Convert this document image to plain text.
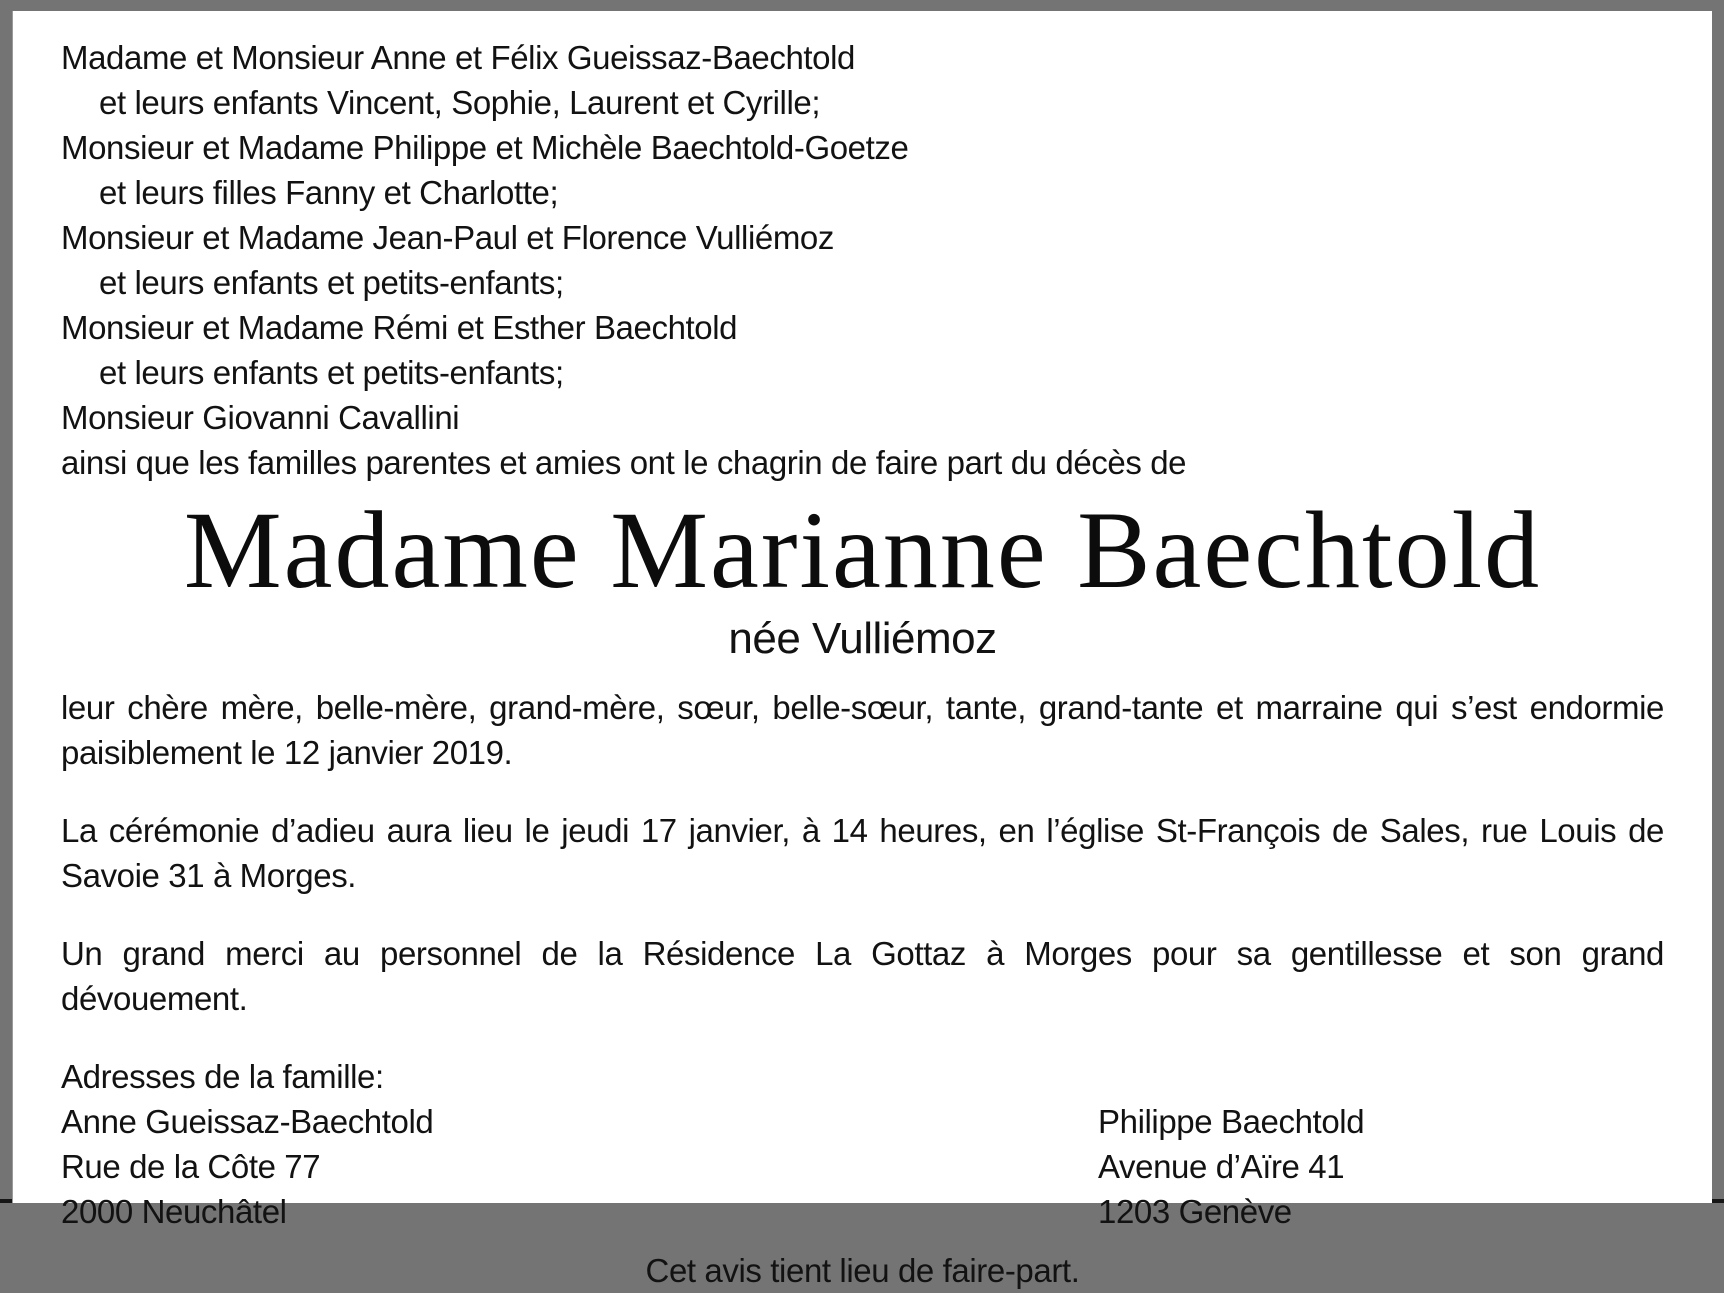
Madame et Monsieur Anne et Félix Gueissaz-Baechtold
et leurs enfants Vincent, Sophie, Laurent et Cyrille;
Monsieur et Madame Philippe et Michèle Baechtold-Goetze
et leurs filles Fanny et Charlotte;
Monsieur et Madame Jean-Paul et Florence Vulliémoz
et leurs enfants et petits-enfants;
Monsieur et Madame Rémi et Esther Baechtold
et leurs enfants et petits-enfants;
Monsieur Giovanni Cavallini
ainsi que les familles parentes et amies ont le chagrin de faire part du décès de
Madame Marianne Baechtold
née Vulliémoz

leur chère mère, belle-mère, grand-mère, sœur, belle-sœur, tante, grand-tante et marraine qui s’est endormie paisiblement le 12 janvier 2019.

La cérémonie d’adieu aura lieu le jeudi 17 janvier, à 14 heures, en l’église St-François de Sales, rue Louis de Savoie 31 à Morges.

Un grand merci au personnel de la Résidence La Gottaz à Morges pour sa gentillesse et son grand dévouement.

Adresses de la famille:
Anne Gueissaz-Baechtold	Philippe Baechtold
Rue de la Côte 77	Avenue d’Aïre 41
2000 Neuchâtel	1203 Genève
Cet avis tient lieu de faire-part.
